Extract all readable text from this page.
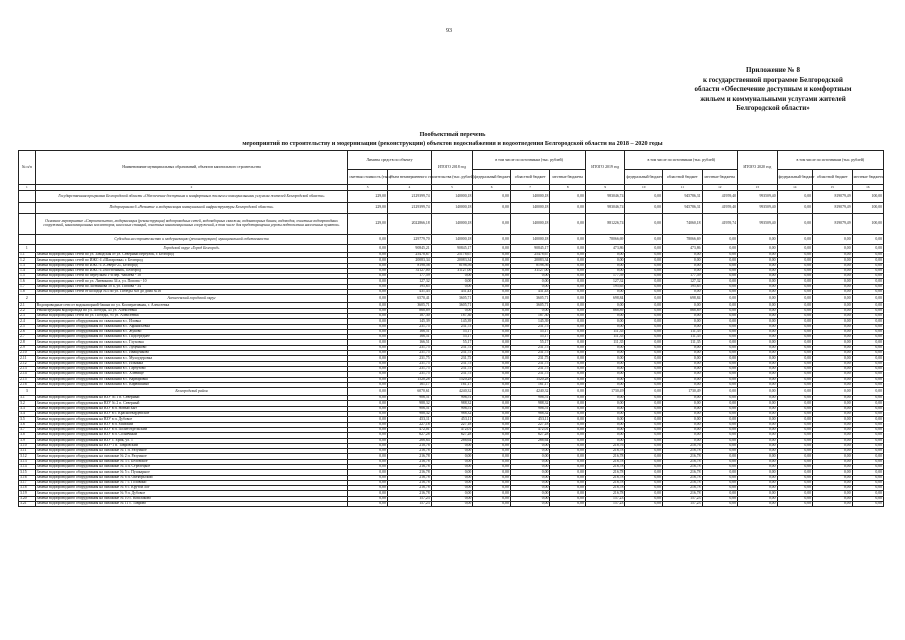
93
Приложение № 8
к государственной программе Белгородской
области «Обеспечение доступным и комфортным
жильем и коммунальными услугами жителей
Белгородской области»
Пообъектный перечень
мероприятий по строительству и модернизации (реконструкции) объектов водоснабжения и водоотведения Белгородской области на 2018 – 2020 годы
№ п/п	Наименование муниципальных образований, объектов капитального строительства	Лимиты средств по объекту		ИТОГО 2018 год	в том числе по источникам (тыс. рублей)			ИТОГО 2019 год	в том числе по источникам (тыс. рублей)			ИТОГО 2020 год	в том числе по источникам (тыс. рублей)		
		сметная стоимость (тыс.)	объем незавершенного строительства (тыс. рублей)		федеральный бюджет	областной бюджет	местные бюджеты		федеральный бюджет	областной бюджет	местные бюджеты		федеральный бюджет	областной бюджет	местные бюджеты
1	2	3	4	5	6	7	8	9	10	11	12	13	14	15	16
	Государственная программа Белгородской области «Обеспечение доступным и комфортным жильем и коммунальными услугами жителей Белгородской области»	229,00	2129399,74	140000,18	0,00	140000,18	0,00	983046,74	0,00	945786,31	41959,40	993509,40	0,00	819079,49	100,00
	Подпрограмма 6 «Развитие и модернизация коммунальной инфраструктуры Белгородской области»	229,00	2129399,74	140000,18	0,00	140000,18	0,00	983046,74	0,00	945786,31	41959,40	993509,40	0,00	819079,49	100,00
	Основное мероприятие «Строительство, модернизация (реконструкция) водопроводных сетей, водозаборных скважин, водонапорных башен, водоводов, очистных водопроводных сооружений, канализационных коллекторов, насосных станций, очистных канализационных сооружений, в том числе для предотвращения угрозы подтопления населенных пунктов»	229,00	2022866,18	140000,18	0,00	140000,18	0,00	881226,74	0,00	74060,18	41959,74	993509,40	0,00	819079,49	100,00
	Субсидии на строительство и модернизацию (реконструкцию) муниципальной собственности	0,00	229779,70	140000,18	0,00	140000,18	0,00	78066,69	0,00	78066,69	0,00	0,00	0,00	0,00	0,00
1	Городской округ «Город Белгород»	0,00	90845,21	90845,17	0,00	90845,17	0,00	473,86	0,00	473,86	0,00	0,00	0,00	0,00	0,00
1.1	Замена водопроводных сетей по ул. Заводская от ул. Северный переулок, г. Белгород	0,00	25478,67	25178,67	0,00	25478,67	0,00	0,00	0,00	0,00	0,00	0,00	0,00	0,00	0,00
1.2	Замена водопроводных сетей по ИЖС-4 «Шагаровка» г. Белгород	0,00	20083,34	20083,34	0,00	20083,34	0,00	0,00	0,00	0,00	0,00	0,00	0,00	0,00	0,00
1.3	Замена водопроводных сетей по ИЖС-4 «Северо-2», Белгород	0,00	8198,56	8198,56	0,00	8198,56	0,00	0,00	0,00	0,00	0,00	0,00	0,00	0,00	0,00
1.4	Замена водопроводных сетей по ИЖС-4 «Восточный», Белгород	0,00	31127,00	31127,00	0,00	31127,00	0,00	0,00	0,00	0,00	0,00	0,00	0,00	0,00	0,00
1.5	Замена водопроводных сетей по переулкам 1-й пер. Чапаева - 10	0,00	177,59	0,00	0,00	0,00	0,00	177,59	0,00	177,59	0,00	0,00	0,00	0,00	0,00
1.6	Замена водопроводных сетей по ул. Литвинова 34 а, ул. Попова - 10	0,00	127,32	0,00	0,00	0,00	0,00	127,32	0,00	127,32	0,00	0,00	0,00	0,00	0,00
1.7	Замена водопроводных сетей по Литвинова 50 а, ул. Попова - 34	0,00	195,65	0,00	0,00	0,00	0,00	195,65	0,00	195,65	0,00	0,00	0,00	0,00	0,00
1.8	Замена водопроводных сетей от колодца №3 по ул. Победы №8 до дома №16	0,00	431,43	431,43	0,00	431,43	0,00	0,00	0,00	0,00	0,00	0,00	0,00	0,00	0,00
2	Алексеевский городской округ	0,00	6570,41	3605,71	0,00	3605,71	0,00	698,84	0,00	698,84	0,00	0,00	0,00	0,00	0,00
2.1	Водопроводные сети от водонапорной башни по ул. Кооперативная, г. Алексеевка	0,00	3605,71	3605,71	0,00	3605,71	0,00	0,00	0,00	0,00	0,00	0,00	0,00	0,00	0,00
2.2	Реконструкция водопровода по ул. Победы, 45 ул. Алексеевка	0,00	868,89	0,00	0,00	0,00	0,00	868,89	0,00	868,89	0,00	0,00	0,00	0,00	0,00
2.3	Замена водопроводных сетей по ул. Победы, 95 ул. Алексеевка	0,00	187,30	187,30	0,00	187,30	0,00	0,00	0,00	0,00	0,00	0,00	0,00	0,00	0,00
2.4	Замена водопроводного оборудования по скважинам в с. Иловка	0,00	145,39	145,39	0,00	145,39	0,00	0,00	0,00	0,00	0,00	0,00	0,00	0,00	0,00
2.5	Замена водопроводного оборудования по скважинам в с. Афанасьевка	0,00	231,75	231,75	0,00	231,75	0,00	0,00	0,00	0,00	0,00	0,00	0,00	0,00	0,00
2.6	Замена водопроводного оборудования по скважинам в с. Жуково	0,00	166,51	55,17	0,00	55,17	0,00	111,35	0,00	111,35	0,00	0,00	0,00	0,00	0,00
2.7	Замена водопроводного оборудования по скважинам в с. Подсереднее	0,00	166,51	55,17	0,00	55,17	0,00	111,35	0,00	111,35	0,00	0,00	0,00	0,00	0,00
2.8	Замена водопроводного оборудования по скважинам в с. Глуховка	0,00	166,51	55,17	0,00	55,17	0,00	111,35	0,00	111,35	0,00	0,00	0,00	0,00	0,00
2.9	Замена водопроводного оборудования по скважинам в с. Луценково	0,00	231,75	231,75	0,00	231,75	0,00	0,00	0,00	0,00	0,00	0,00	0,00	0,00	0,00
2.10	Замена водопроводного оборудования по скважинам в с. Иващенково	0,00	231,75	231,75	0,00	231,75	0,00	0,00	0,00	0,00	0,00	0,00	0,00	0,00	0,00
2.11	Замена водопроводного оборудования по скважинам в с. Мухоудеровка	0,00	231,75	231,75	0,00	231,75	0,00	0,00	0,00	0,00	0,00	0,00	0,00	0,00	0,00
2.12	Замена водопроводного оборудования по скважинам в с. Ильинка	0,00	231,75	231,75	0,00	231,75	0,00	0,00	0,00	0,00	0,00	0,00	0,00	0,00	0,00
2.13	Замена водопроводного оборудования по скважинам в с. Гарбузово	0,00	231,75	231,75	0,00	231,75	0,00	0,00	0,00	0,00	0,00	0,00	0,00	0,00	0,00
2.14	Замена водопроводного оборудования по скважинам в с. Хлевище	0,00	231,75	231,75	0,00	231,75	0,00	0,00	0,00	0,00	0,00	0,00	0,00	0,00	0,00
2.15	Замена водопроводного оборудования по скважинам в с. Варваровка	0,00	1520,28	1520,28	0,00	1520,28	0,00	0,00	0,00	0,00	0,00	0,00	0,00	0,00	0,00
2.16	Замена водопроводного оборудования по скважинам в с. Кирюшкино	0,00	161,17	161,17	0,00	161,17	0,00	0,00	0,00	0,00	0,00	0,00	0,00	0,00	0,00
3	Белгородский район	0,00	6070,61	4240,32	0,00	4240,32	0,00	1730,49	0,00	1730,49	0,00	0,00	0,00	0,00	0,00
3.1	Замена водопроводного оборудования на ВЗУ № 1 п. Северный	0,00	906,51	906,51	0,00	906,51	0,00	0,00	0,00	0,00	0,00	0,00	0,00	0,00	0,00
3.2	Замена водопроводного оборудования на ВЗУ № 2 п. Северный	0,00	988,32	988,32	0,00	988,32	0,00	0,00	0,00	0,00	0,00	0,00	0,00	0,00	0,00
3.3	Замена водопроводного оборудования на ВЗУ в п. Новый Быт	0,00	906,51	906,51	0,00	906,51	0,00	0,00	0,00	0,00	0,00	0,00	0,00	0,00	0,00
3.4	Замена водопроводного оборудования на ВЗУ в с. Красногвардейское	0,00	988,32	988,32	0,00	988,32	0,00	0,00	0,00	0,00	0,00	0,00	0,00	0,00	0,00
3.5	Замена водопроводного оборудования на ВЗУ в п. Дубовое	0,00	453,11	453,11	0,00	453,11	0,00	0,00	0,00	0,00	0,00	0,00	0,00	0,00	0,00
3.6	Замена водопроводного оборудования на ВЗУ в п. Майский	0,00	227,18	227,18	0,00	227,18	0,00	0,00	0,00	0,00	0,00	0,00	0,00	0,00	0,00
3.7	Замена водопроводного оборудования на ВЗУ в п. Политотдельский	0,00	472,01	472,01	0,00	472,01	0,00	0,00	0,00	0,00	0,00	0,00	0,00	0,00	0,00
3.8	Замена водопроводного оборудования на ВЗУ в п. Солнечный	0,00	627,28	627,28	0,00	627,28	0,00	0,00	0,00	0,00	0,00	0,00	0,00	0,00	0,00
3.9	Замена водопроводного оборудования на ВЗУ с. Ерик, ул. 1	0,00	266,64	266,64	0,00	266,64	0,00	0,00	0,00	0,00	0,00	0,00	0,00	0,00	0,00
3.10	Замена водопроводного оборудования на ВЗУ-1 п. Тавровский	0,00	218,76	0,00	0,00	0,00	0,00	218,76	0,00	218,76	0,00	0,00	0,00	0,00	0,00
3.11	Замена водопроводного оборудования на скважине № 1 п. Разумное	0,00	216,78	0,00	0,00	0,00	0,00	216,78	0,00	216,78	0,00	0,00	0,00	0,00	0,00
3.12	Замена водопроводного оборудования на скважине № 2 п. Разумное	0,00	216,78	0,00	0,00	0,00	0,00	216,78	0,00	216,78	0,00	0,00	0,00	0,00	0,00
3.13	Замена водопроводного оборудования на скважине № 3 с. Беловское	0,00	216,78	0,00	0,00	0,00	0,00	216,78	0,00	216,78	0,00	0,00	0,00	0,00	0,00
3.14	Замена водопроводного оборудования на скважине № 4 п. Стрелецкое	0,00	216,78	0,00	0,00	0,00	0,00	216,78	0,00	216,78	0,00	0,00	0,00	0,00	0,00
3.15	Замена водопроводного оборудования на скважине № 5 с. Пушкарное	0,00	216,78	0,00	0,00	0,00	0,00	216,78	0,00	216,78	0,00	0,00	0,00	0,00	0,00
3.16	Замена водопроводного оборудования на скважине № 6 п. Октябрьский	0,00	216,78	0,00	0,00	0,00	0,00	216,78	0,00	216,78	0,00	0,00	0,00	0,00	0,00
3.17	Замена водопроводного оборудования на скважине № 7 с. Головино	0,00	216,78	0,00	0,00	0,00	0,00	216,78	0,00	216,78	0,00	0,00	0,00	0,00	0,00
3.18	Замена водопроводного оборудования на скважине № 8 с. Крутой Лог	0,00	216,78	0,00	0,00	0,00	0,00	216,78	0,00	216,78	0,00	0,00	0,00	0,00	0,00
3.19	Замена водопроводного оборудования на скважине № 9 п. Дубовое	0,00	216,78	0,00	0,00	0,00	0,00	216,78	0,00	216,78	0,00	0,00	0,00	0,00	0,00
3.20	Замена водопроводного оборудования на скважине № 10 с. Кошлаково	0,00	157,23	0,00	0,00	0,00	0,00	157,23	0,00	157,23	0,00	0,00	0,00	0,00	0,00
3.21	Замена водопроводного оборудования на скважине № 11 с. Таврово	0,00	157,23	0,00	0,00	0,00	0,00	157,23	0,00	157,23	0,00	0,00	0,00	0,00	0,00
